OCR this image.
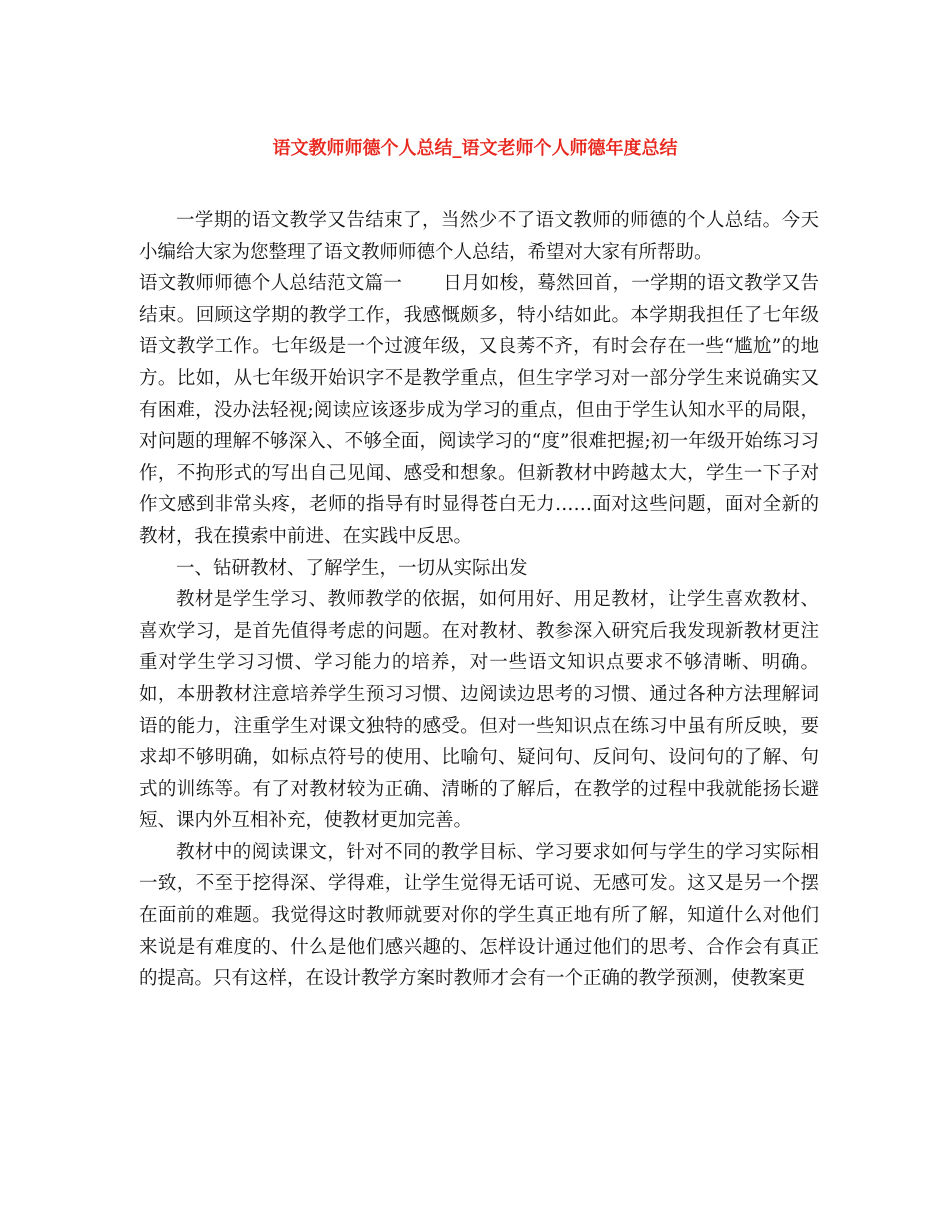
语文教师师德个人总结_语文老师个人师德年度总结

一学期的语文教学又告结束了，当然少不了语文教师的师德的个人总结。今天小编给大家为您整理了语文教师师德个人总结，希望对大家有所帮助。

语文教师师德个人总结范文篇一 日月如梭，蓦然回首，一学期的语文教学又告结束。回顾这学期的教学工作，我感慨颇多，特小结如此。本学期我担任了七年级语文教学工作。七年级是一个过渡年级，又良莠不齐，有时会存在一些“尴尬”的地方。比如，从七年级开始识字不是教学重点，但生字学习对一部分学生来说确实又有困难，没办法轻视;阅读应该逐步成为学习的重点，但由于学生认知水平的局限，对问题的理解不够深入、不够全面，阅读学习的“度”很难把握;初一年级开始练习习作，不拘形式的写出自己见闻、感受和想象。但新教材中跨越太大，学生一下子对作文感到非常头疼，老师的指导有时显得苍白无力……面对这些问题，面对全新的教材，我在摸索中前进、在实践中反思。

一、钻研教材、了解学生，一切从实际出发

教材是学生学习、教师教学的依据，如何用好、用足教材，让学生喜欢教材、喜欢学习，是首先值得考虑的问题。在对教材、教参深入研究后我发现新教材更注重对学生学习习惯、学习能力的培养，对一些语文知识点要求不够清晰、明确。如，本册教材注意培养学生预习习惯、边阅读边思考的习惯、通过各种方法理解词语的能力，注重学生对课文独特的感受。但对一些知识点在练习中虽有所反映，要求却不够明确，如标点符号的使用、比喻句、疑问句、反问句、设问句的了解、句式的训练等。有了对教材较为正确、清晰的了解后，在教学的过程中我就能扬长避短、课内外互相补充，使教材更加完善。

教材中的阅读课文，针对不同的教学目标、学习要求如何与学生的学习实际相一致，不至于挖得深、学得难，让学生觉得无话可说、无感可发。这又是另一个摆在面前的难题。我觉得这时教师就要对你的学生真正地有所了解，知道什么对他们来说是有难度的、什么是他们感兴趣的、怎样设计通过他们的思考、合作会有真正的提高。只有这样，在设计教学方案时教师才会有一个正确的教学预测，使教案更
